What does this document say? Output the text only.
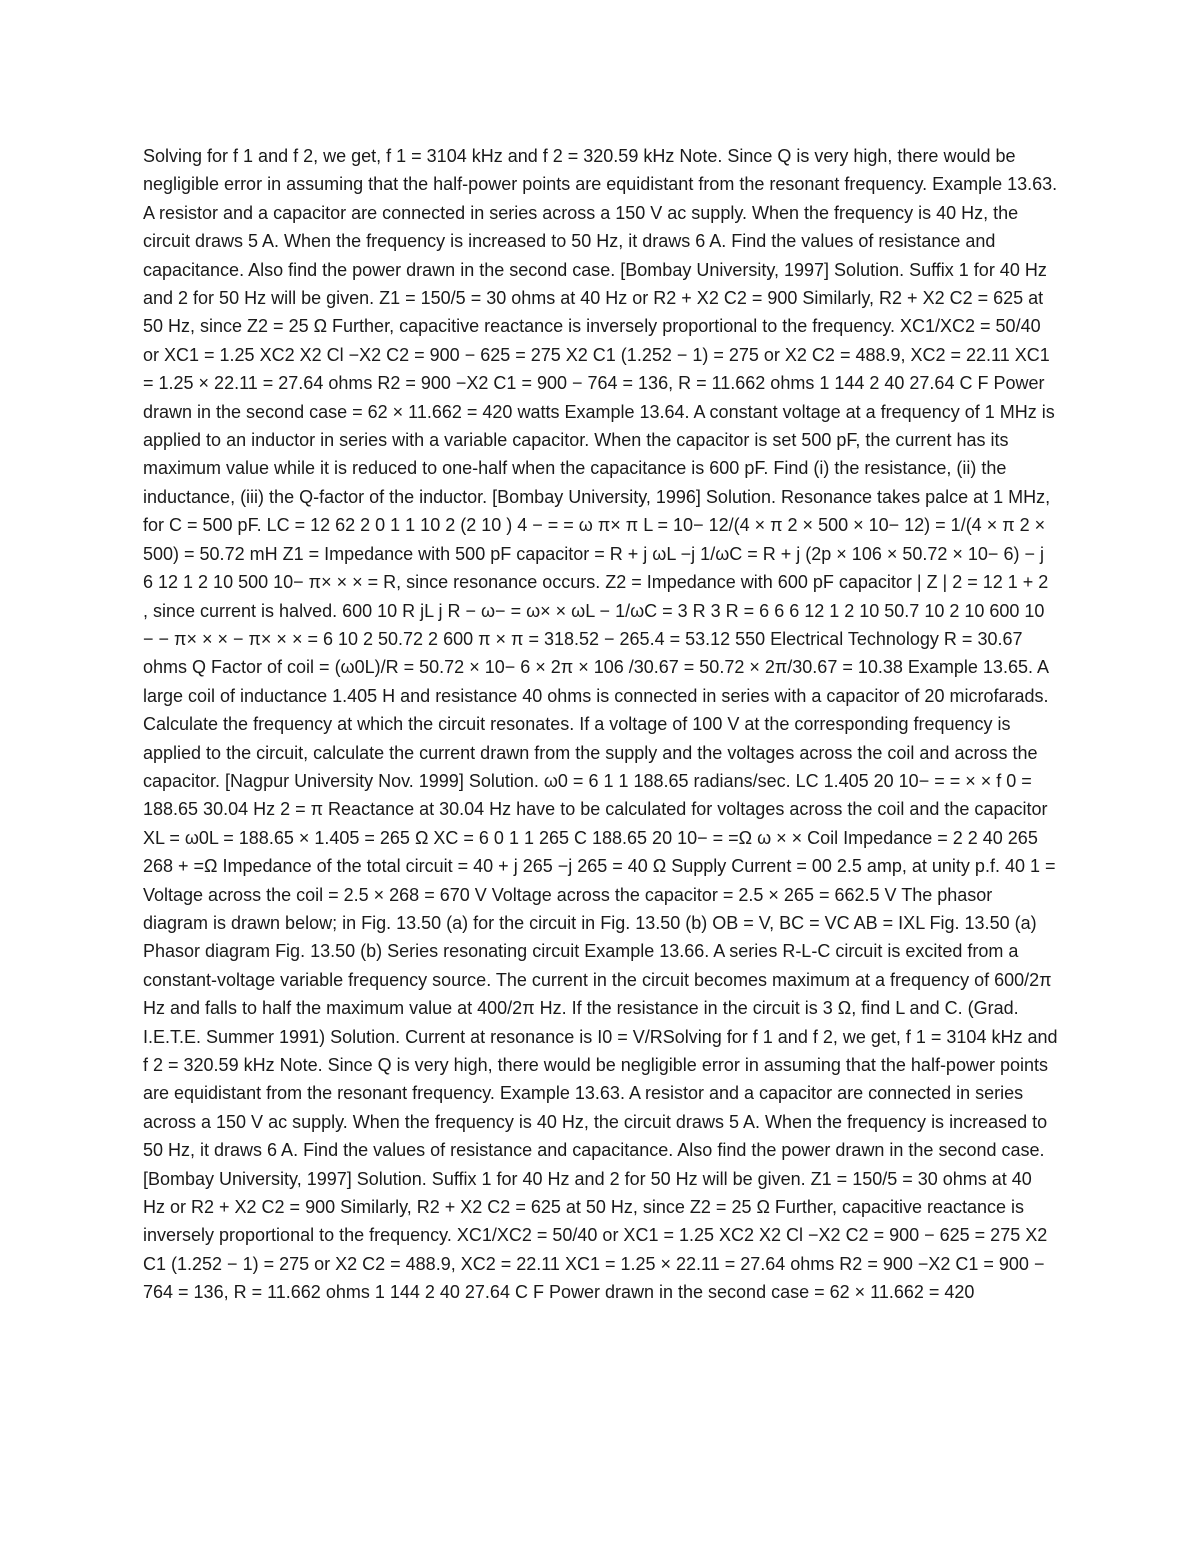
Solving for f 1 and f 2, we get, f 1 = 3104 kHz and f 2 = 320.59 kHz Note. Since Q is very high, there would be negligible error in assuming that the half-power points are equidistant from the resonant frequency. Example 13.63. A resistor and a capacitor are connected in series across a 150 V ac supply. When the frequency is 40 Hz, the circuit draws 5 A. When the frequency is increased to 50 Hz, it draws 6 A. Find the values of resistance and capacitance. Also find the power drawn in the second case. [Bombay University, 1997] Solution. Suffix 1 for 40 Hz and 2 for 50 Hz will be given. Z1 = 150/5 = 30 ohms at 40 Hz or R2 + X2 C2 = 900 Similarly, R2 + X2 C2 = 625 at 50 Hz, since Z2 = 25 Ω Further, capacitive reactance is inversely proportional to the frequency. XC1/XC2 = 50/40 or XC1 = 1.25 XC2 X2 Cl −X2 C2 = 900 − 625 = 275 X2 C1 (1.252 − 1) = 275 or X2 C2 = 488.9, XC2 = 22.11 XC1 = 1.25 × 22.11 = 27.64 ohms R2 = 900 −X2 C1 = 900 − 764 = 136, R = 11.662 ohms 1 144 2 40 27.64 C F Power drawn in the second case = 62 × 11.662 = 420 watts Example 13.64. A constant voltage at a frequency of 1 MHz is applied to an inductor in series with a variable capacitor. When the capacitor is set 500 pF, the current has its maximum value while it is reduced to one-half when the capacitance is 600 pF. Find (i) the resistance, (ii) the inductance, (iii) the Q-factor of the inductor. [Bombay University, 1996] Solution. Resonance takes palce at 1 MHz, for C = 500 pF. LC = 12 62 2 0 1 1 10 2 (2 10 ) 4 − = = ω π× π L = 10− 12/(4 × π 2 × 500 × 10− 12) = 1/(4 × π 2 × 500) = 50.72 mH Z1 = Impedance with 500 pF capacitor = R + j ωL −j 1/ωC = R + j (2p × 106 × 50.72 × 10− 6) − j 6 12 1 2 10 500 10− π× × × = R, since resonance occurs. Z2 = Impedance with 600 pF capacitor | Z | 2 = 12 1 + 2 , since current is halved. 600 10 R jL j R − ω− = ω× × ωL − 1/ωC = 3 R 3 R = 6 6 6 12 1 2 10 50.7 10 2 10 600 10 − − π× × × − π× × × = 6 10 2 50.72 2 600 π × π = 318.52 − 265.4 = 53.12 550 Electrical Technology R = 30.67 ohms Q Factor of coil = (ω0L)/R = 50.72 × 10− 6 × 2π × 106 /30.67 = 50.72 × 2π/30.67 = 10.38 Example 13.65. A large coil of inductance 1.405 H and resistance 40 ohms is connected in series with a capacitor of 20 microfarads. Calculate the frequency at which the circuit resonates. If a voltage of 100 V at the corresponding frequency is applied to the circuit, calculate the current drawn from the supply and the voltages across the coil and across the capacitor. [Nagpur University Nov. 1999] Solution. ω0 = 6 1 1 188.65 radians/sec. LC 1.405 20 10− = = × × f 0 = 188.65 30.04 Hz 2 = π Reactance at 30.04 Hz have to be calculated for voltages across the coil and the capacitor XL = ω0L = 188.65 × 1.405 = 265 Ω XC = 6 0 1 1 265 C 188.65 20 10− = =Ω ω × × Coil Impedance = 2 2 40 265 268 + =Ω Impedance of the total circuit = 40 + j 265 −j 265 = 40 Ω Supply Current = 00 2.5 amp, at unity p.f. 40 1 = Voltage across the coil = 2.5 × 268 = 670 V Voltage across the capacitor = 2.5 × 265 = 662.5 V The phasor diagram is drawn below; in Fig. 13.50 (a) for the circuit in Fig. 13.50 (b) OB = V, BC = VC AB = IXL Fig. 13.50 (a) Phasor diagram Fig. 13.50 (b) Series resonating circuit Example 13.66. A series R-L-C circuit is excited from a constant-voltage variable frequency source. The current in the circuit becomes maximum at a frequency of 600/2π Hz and falls to half the maximum value at 400/2π Hz. If the resistance in the circuit is 3 Ω, find L and C. (Grad. I.E.T.E. Summer 1991) Solution. Current at resonance is I0 = V/RSolving for f 1 and f 2, we get, f 1 = 3104 kHz and f 2 = 320.59 kHz Note. Since Q is very high, there would be negligible error in assuming that the half-power points are equidistant from the resonant frequency. Example 13.63. A resistor and a capacitor are connected in series across a 150 V ac supply. When the frequency is 40 Hz, the circuit draws 5 A. When the frequency is increased to 50 Hz, it draws 6 A. Find the values of resistance and capacitance. Also find the power drawn in the second case. [Bombay University, 1997] Solution. Suffix 1 for 40 Hz and 2 for 50 Hz will be given. Z1 = 150/5 = 30 ohms at 40 Hz or R2 + X2 C2 = 900 Similarly, R2 + X2 C2 = 625 at 50 Hz, since Z2 = 25 Ω Further, capacitive reactance is inversely proportional to the frequency. XC1/XC2 = 50/40 or XC1 = 1.25 XC2 X2 Cl −X2 C2 = 900 − 625 = 275 X2 C1 (1.252 − 1) = 275 or X2 C2 = 488.9, XC2 = 22.11 XC1 = 1.25 × 22.11 = 27.64 ohms R2 = 900 −X2 C1 = 900 − 764 = 136, R = 11.662 ohms 1 144 2 40 27.64 C F Power drawn in the second case = 62 × 11.662 = 420
